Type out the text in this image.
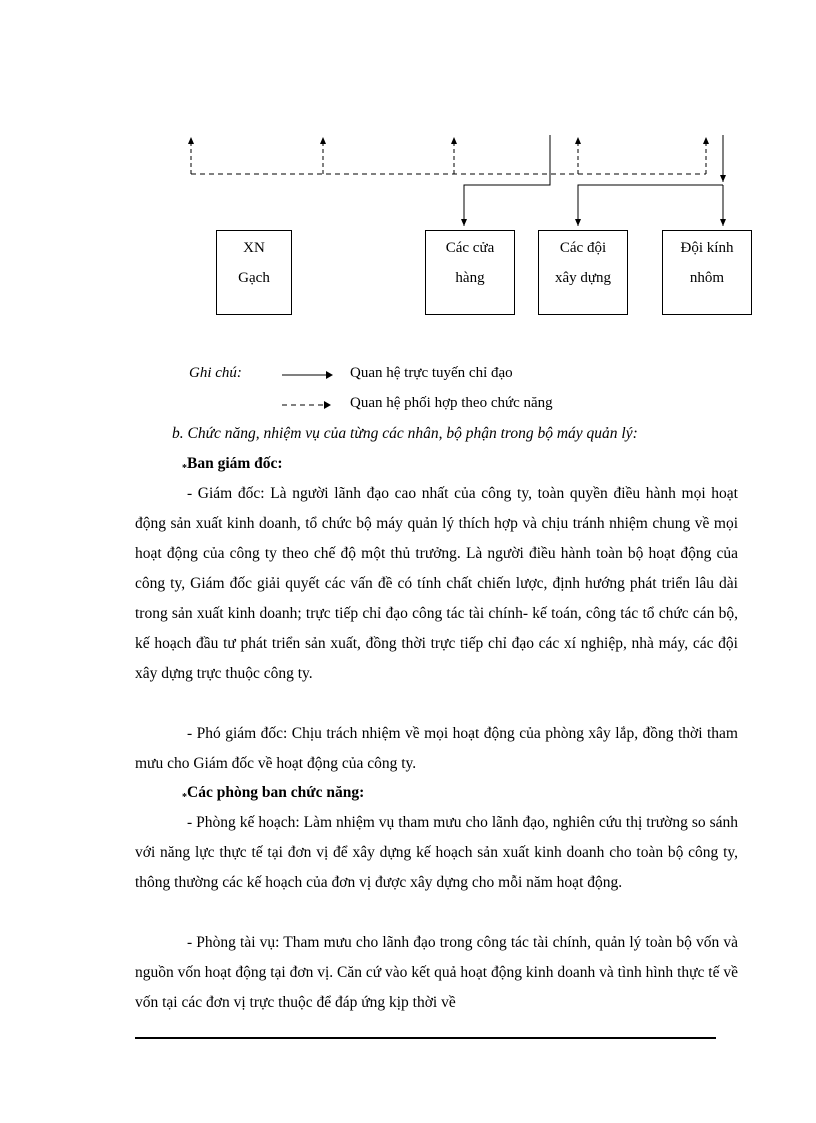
XN
Gạch
Các cửa
hàng
Các đội
xây dựng
Đội kính
nhôm
Ghi chú:	Quan hệ trực tuyến chỉ đạo
Quan hệ phối hợp theo chức năng
b. Chức năng, nhiệm vụ của từng các nhân, bộ phận trong bộ máy quản lý:
*Ban giám đốc:

- Giám đốc: Là người lãnh đạo cao nhất của công ty, toàn quyền điều hành mọi hoạt động sản xuất kinh doanh, tổ chức bộ máy quản lý thích hợp và chịu tránh nhiệm chung về mọi hoạt động của công ty theo chế độ một thủ trưởng. Là người điều hành toàn bộ hoạt động của công ty, Giám đốc giải quyết các vấn đề có tính chất chiến lược, định hướng phát triển lâu dài trong sản xuất kinh doanh; trực tiếp chỉ đạo công tác tài chính- kế toán, công tác tổ chức cán bộ, kế hoạch đầu tư phát triển sản xuất, đồng thời trực tiếp chỉ đạo các xí nghiệp, nhà máy, các đội xây dựng trực thuộc công ty.

- Phó giám đốc: Chịu trách nhiệm về mọi hoạt động của phòng xây lắp, đồng thời tham mưu cho Giám đốc về hoạt động của công ty.

*Các phòng ban chức năng:

- Phòng kế hoạch: Làm nhiệm vụ tham mưu cho lãnh đạo, nghiên cứu thị trường so sánh với năng lực thực tế tại đơn vị để xây dựng kế hoạch sản xuất kinh doanh cho toàn bộ công ty, thông thường các kế hoạch của đơn vị được xây dựng cho mỗi năm hoạt động.

- Phòng tài vụ: Tham mưu cho lãnh đạo trong công tác tài chính, quản lý toàn bộ vốn và nguồn vốn hoạt động tại đơn vị. Căn cứ vào kết quả hoạt động kinh doanh và tình hình thực tế về vốn tại các đơn vị trực thuộc để đáp ứng kịp thời về
